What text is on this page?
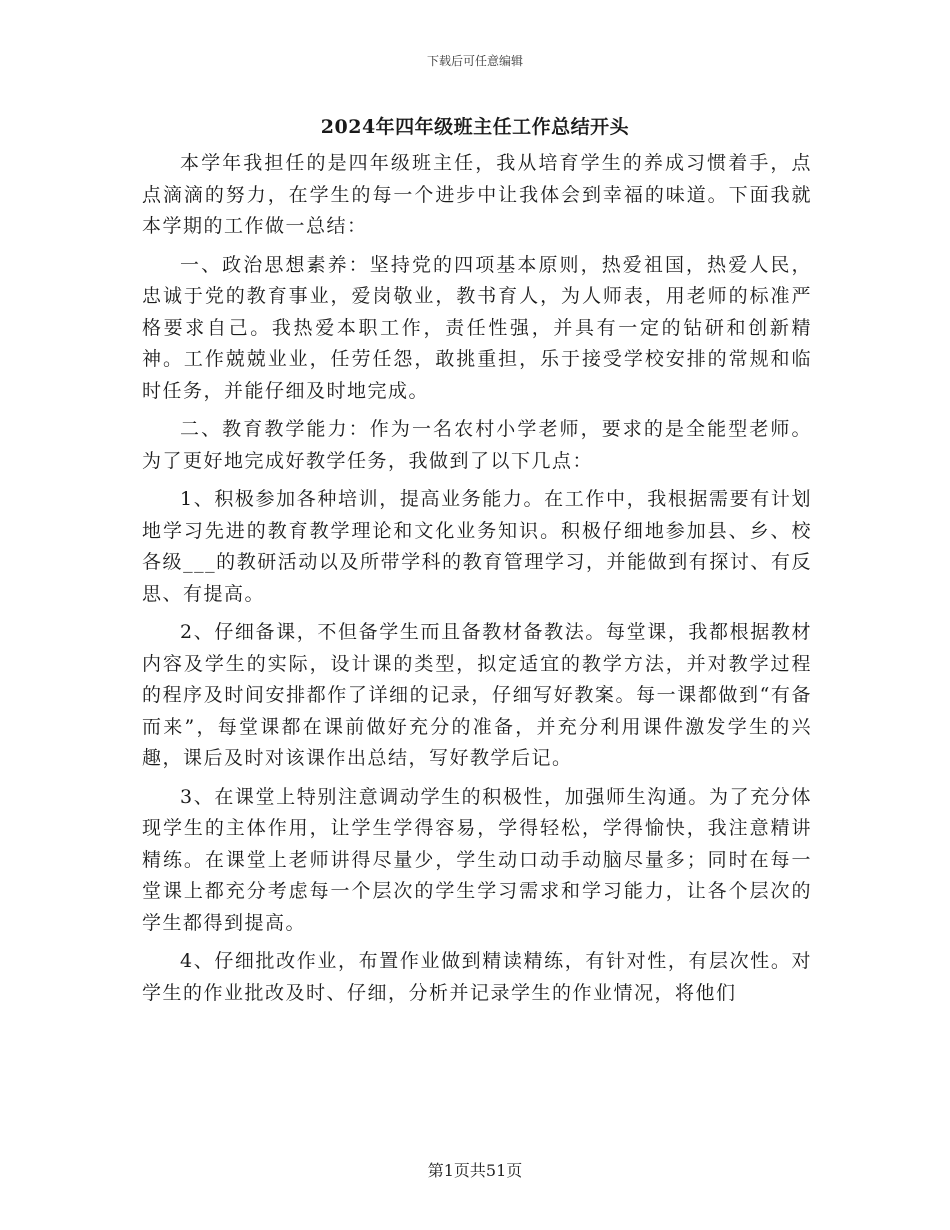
下载后可任意编辑
2024年四年级班主任工作总结开头

本学年我担任的是四年级班主任，我从培育学生的养成习惯着手，点点滴滴的努力，在学生的每一个进步中让我体会到幸福的味道。下面我就本学期的工作做一总结：

一、政治思想素养：坚持党的四项基本原则，热爱祖国，热爱人民，忠诚于党的教育事业，爱岗敬业，教书育人，为人师表，用老师的标准严格要求自己。我热爱本职工作，责任性强，并具有一定的钻研和创新精神。工作兢兢业业，任劳任怨，敢挑重担，乐于接受学校安排的常规和临时任务，并能仔细及时地完成。

二、教育教学能力：作为一名农村小学老师，要求的是全能型老师。为了更好地完成好教学任务，我做到了以下几点：

1、积极参加各种培训，提高业务能力。在工作中，我根据需要有计划地学习先进的教育教学理论和文化业务知识。积极仔细地参加县、乡、校各级___的教研活动以及所带学科的教育管理学习，并能做到有探讨、有反思、有提高。

2、仔细备课，不但备学生而且备教材备教法。每堂课，我都根据教材内容及学生的实际，设计课的类型，拟定适宜的教学方法，并对教学过程的程序及时间安排都作了详细的记录，仔细写好教案。每一课都做到“有备而来”，每堂课都在课前做好充分的准备，并充分利用课件激发学生的兴趣，课后及时对该课作出总结，写好教学后记。

3、在课堂上特别注意调动学生的积极性，加强师生沟通。为了充分体现学生的主体作用，让学生学得容易，学得轻松，学得愉快，我注意精讲精练。在课堂上老师讲得尽量少，学生动口动手动脑尽量多；同时在每一堂课上都充分考虑每一个层次的学生学习需求和学习能力，让各个层次的学生都得到提高。

4、仔细批改作业，布置作业做到精读精练，有针对性，有层次性。对学生的作业批改及时、仔细，分析并记录学生的作业情况，将他们

第1页共51页
